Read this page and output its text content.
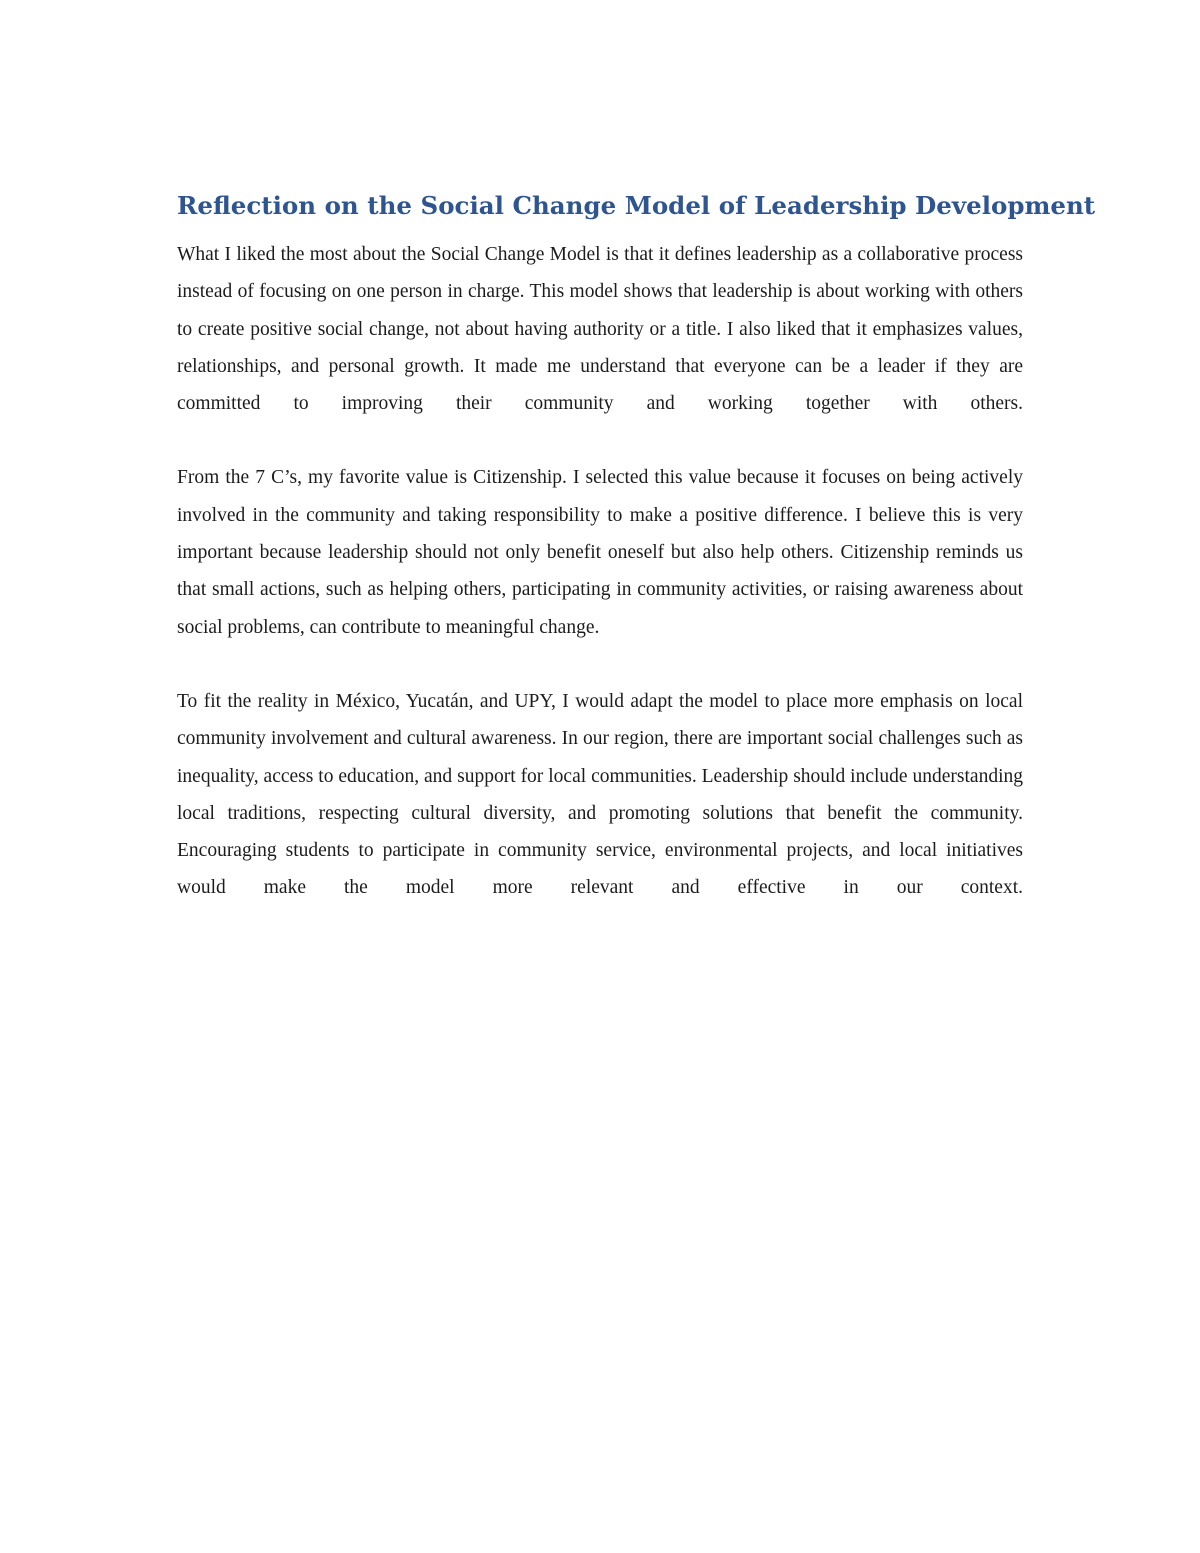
Reflection on the Social Change Model of Leadership Development

What I liked the most about the Social Change Model is that it defines leadership as a collaborative process instead of focusing on one person in charge. This model shows that leadership is about working with others to create positive social change, not about having authority or a title. I also liked that it emphasizes values, relationships, and personal growth. It made me understand that everyone can be a leader if they are committed to improving their community and working together with others.

From the 7 C’s, my favorite value is Citizenship. I selected this value because it focuses on being actively involved in the community and taking responsibility to make a positive difference. I believe this is very important because leadership should not only benefit oneself but also help others. Citizenship reminds us that small actions, such as helping others, participating in community activities, or raising awareness about social problems, can contribute to meaningful change.

To fit the reality in México, Yucatán, and UPY, I would adapt the model to place more emphasis on local community involvement and cultural awareness. In our region, there are important social challenges such as inequality, access to education, and support for local communities. Leadership should include understanding local traditions, respecting cultural diversity, and promoting solutions that benefit the community. Encouraging students to participate in community service, environmental projects, and local initiatives would make the model more relevant and effective in our context.
